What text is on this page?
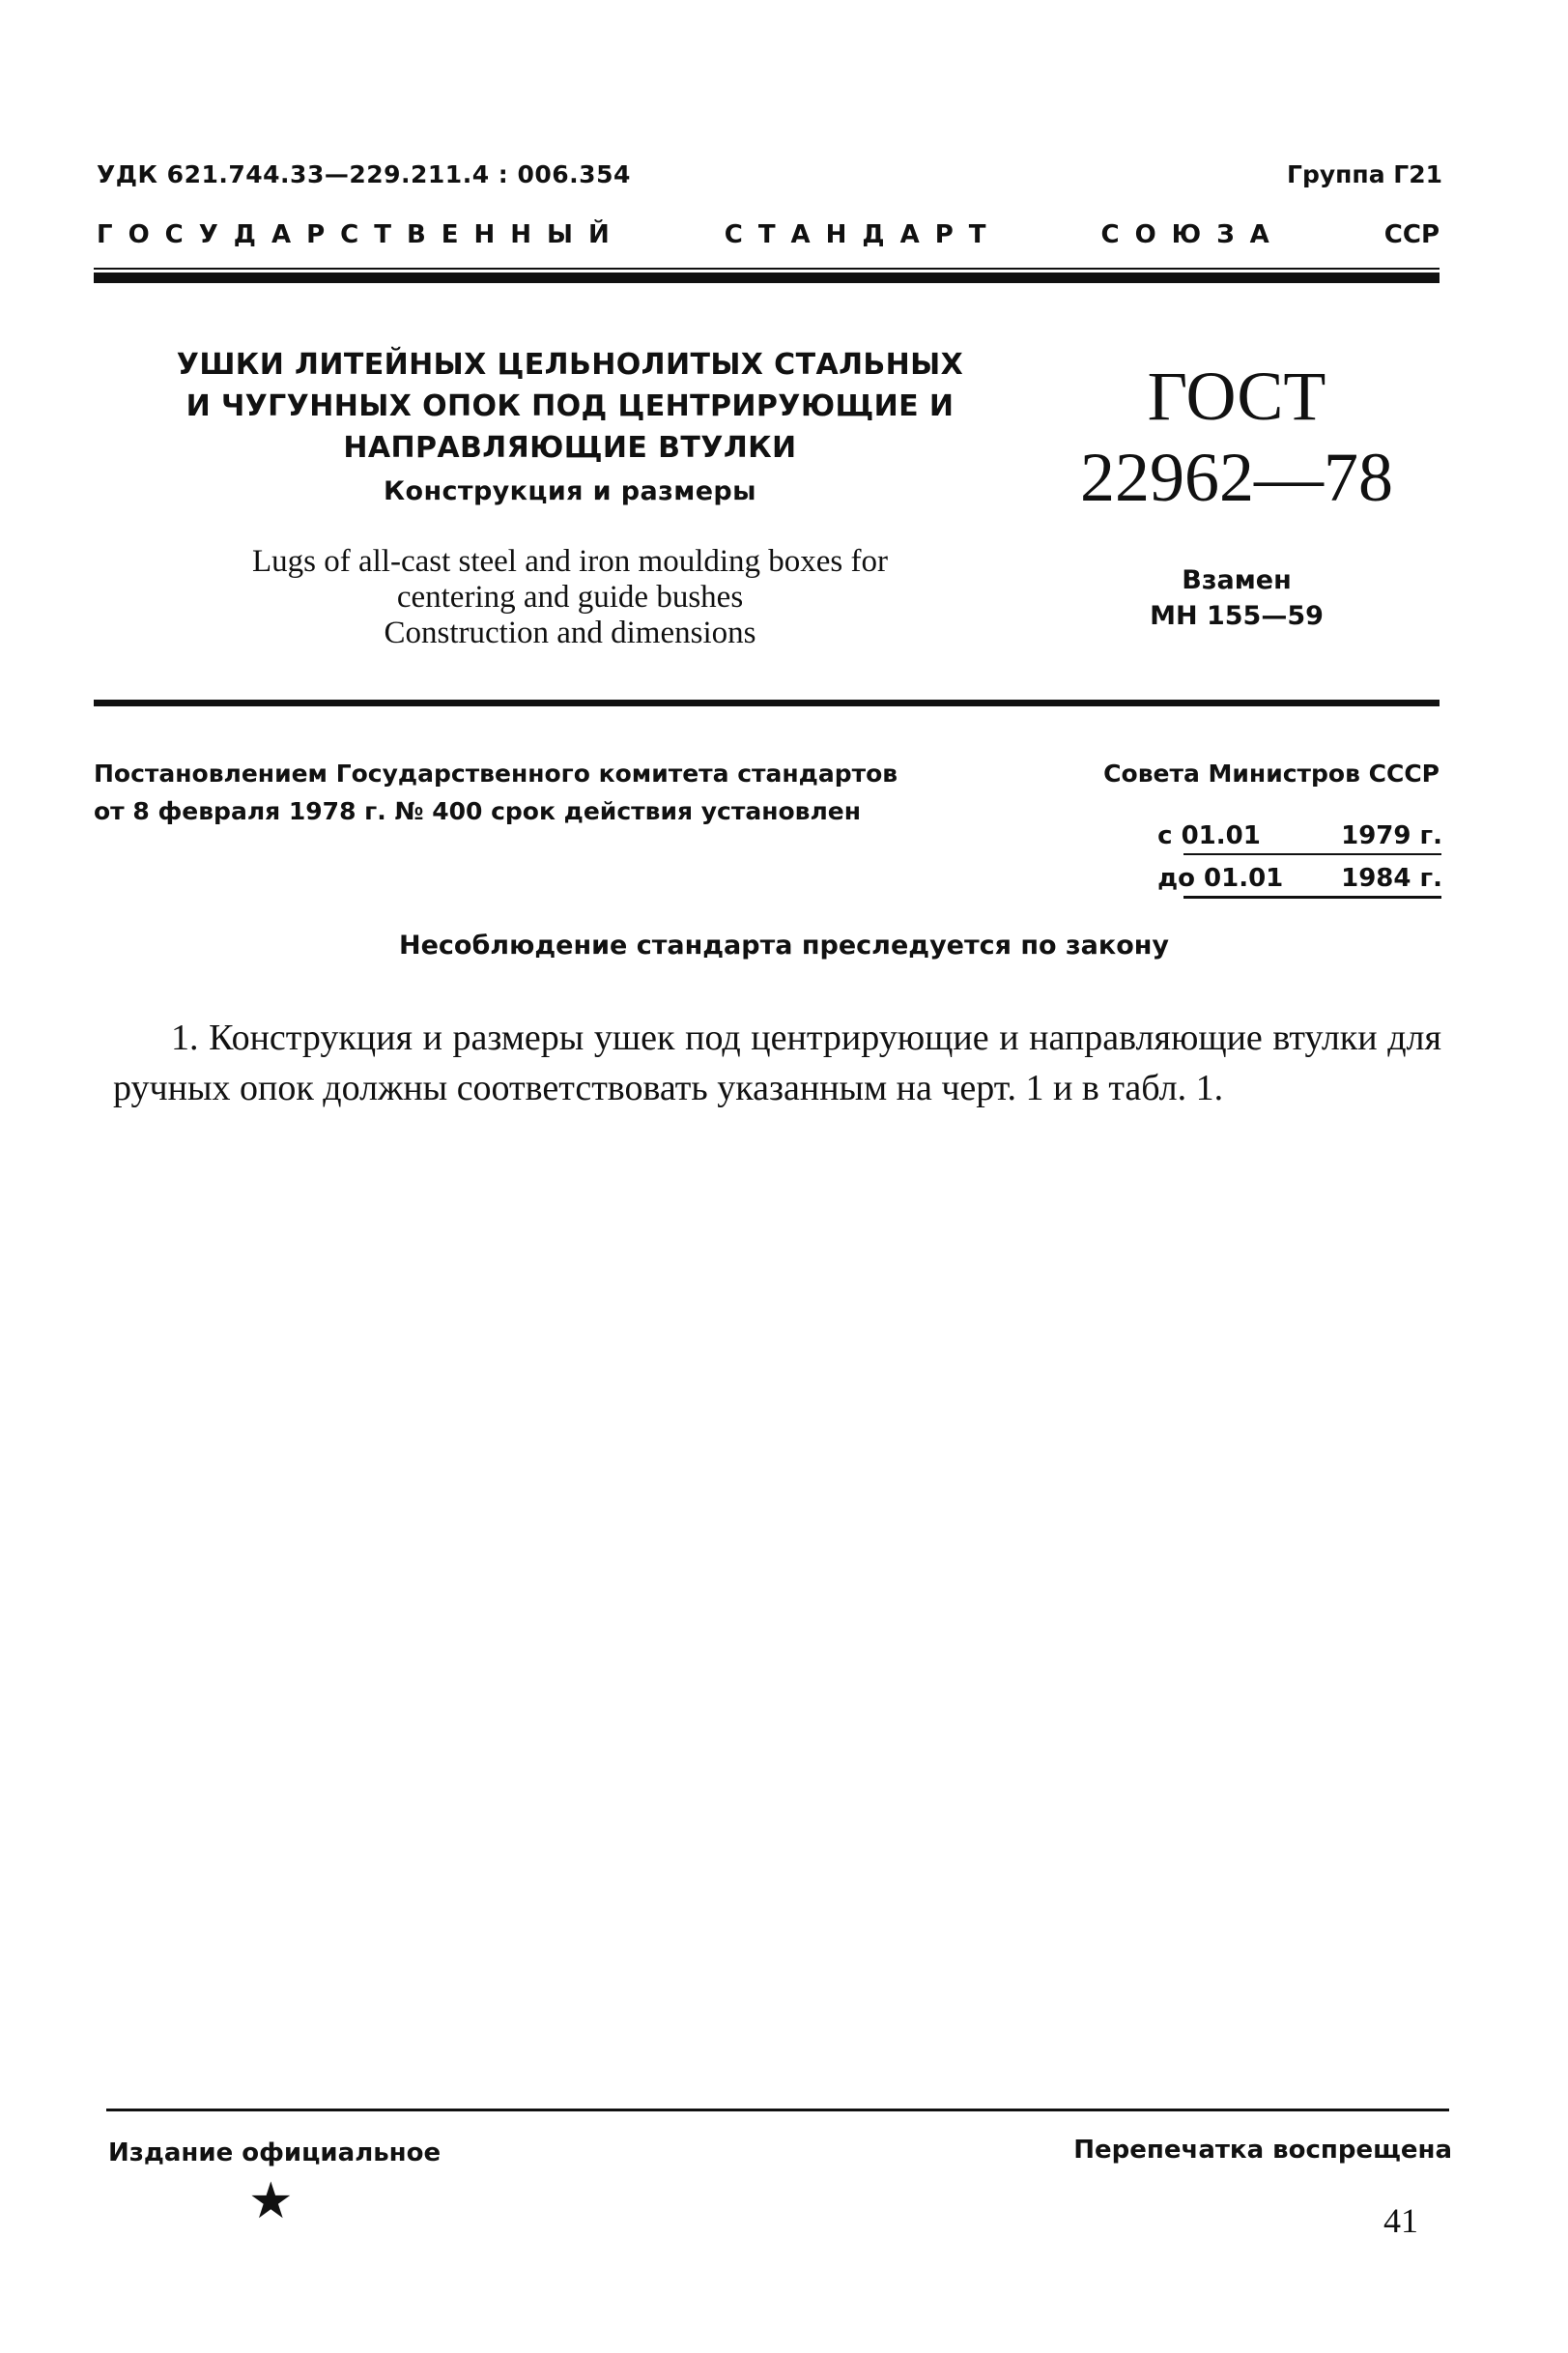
УДК 621.744.33—229.211.4 : 006.354	Группа Г21
ГОСУДАРСТВЕННЫЙ	СТАНДАРТ	СОЮЗА	ССР
УШКИ ЛИТЕЙНЫХ ЦЕЛЬНОЛИТЫХ СТАЛЬНЫХ
И ЧУГУННЫХ ОПОК ПОД ЦЕНТРИРУЮЩИЕ И
НАПРАВЛЯЮЩИЕ ВТУЛКИ
Конструкция и размеры
Lugs of all-cast steel and iron moulding boxes for
centering and guide bushes
Construction and dimensions
ГОСТ
22962—78
Взамен
МН 155—59
Постановлением Государственного комитета стандартов	Совета Министров СССР
от 8 февраля 1978 г. № 400 срок действия установлен
с 01.01	1979 г.
до 01.01	1984 г.
Несоблюдение стандарта преследуется по закону
1. Конструкция и размеры ушек под центрирующие и направляющие втулки для ручных опок должны соответствовать указанным на черт. 1 и в табл. 1.
Издание официальное	Перепечатка воспрещена
★	41
